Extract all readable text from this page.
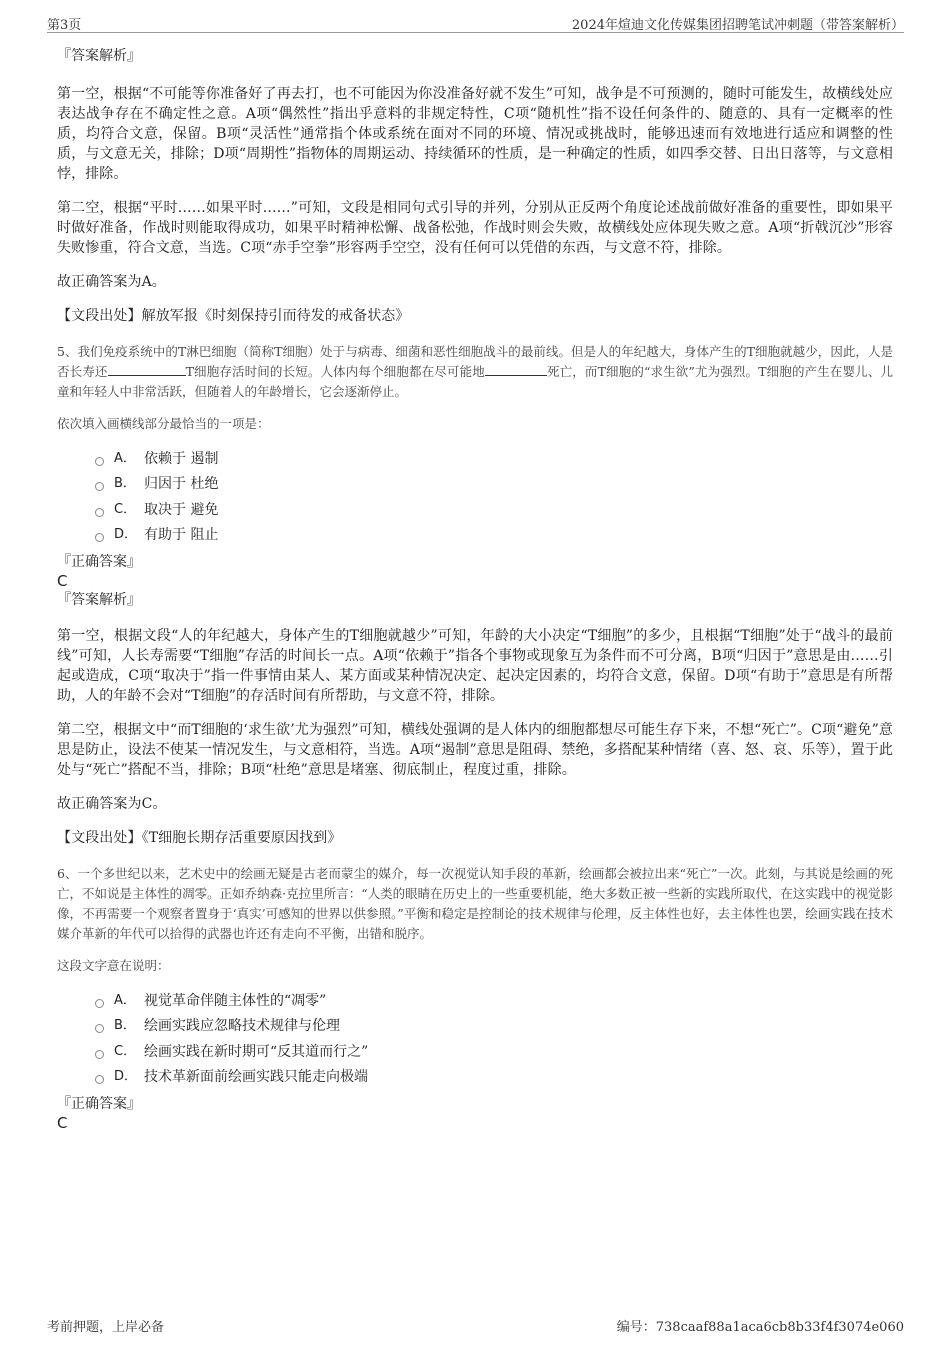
第3页	2024年煊迪文化传媒集团招聘笔试冲刺题（带答案解析）

『答案解析』

第一空，根据“不可能等你准备好了再去打，也不可能因为你没准备好就不发生”可知，战争是不可预测的，随时可能发生，故横线处应表达战争存在不确定性之意。A项“偶然性”指出乎意料的非规定特性，C项“随机性”指不设任何条件的、随意的、具有一定概率的性质，均符合文意，保留。B项“灵活性”通常指个体或系统在面对不同的环境、情况或挑战时，能够迅速而有效地进行适应和调整的性质，与文意无关，排除；D项“周期性”指物体的周期运动、持续循环的性质，是一种确定的性质，如四季交替、日出日落等，与文意相悖，排除。

第二空，根据“平时……如果平时……”可知，文段是相同句式引导的并列，分别从正反两个角度论述战前做好准备的重要性，即如果平时做好准备，作战时则能取得成功，如果平时精神松懈、战备松弛，作战时则会失败，故横线处应体现失败之意。A项“折戟沉沙”形容失败惨重，符合文意，当选。C项“赤手空拳”形容两手空空，没有任何可以凭借的东西，与文意不符，排除。

故正确答案为A。

【文段出处】解放军报《时刻保持引而待发的戒备状态》

5、我们免疫系统中的T淋巴细胞（简称T细胞）处于与病毒、细菌和恶性细胞战斗的最前线。但是人的年纪越大，身体产生的T细胞就越少，因此，人是否长寿还	T细胞存活时间的长短。人体内每个细胞都在尽可能地	死亡，而T细胞的“求生欲”尤为强烈。T细胞的产生在婴儿、儿童和年轻人中非常活跃，但随着人的年龄增长，它会逐渐停止。

依次填入画横线部分最恰当的一项是：

A． 依赖于 遏制
B． 归因于 杜绝
C． 取决于 避免
D． 有助于 阻止

『正确答案』

C

『答案解析』

第一空，根据文段“人的年纪越大，身体产生的T细胞就越少”可知，年龄的大小决定“T细胞”的多少，且根据“T细胞”处于“战斗的最前线”可知，人长寿需要“T细胞”存活的时间长一点。A项“依赖于”指各个事物或现象互为条件而不可分离，B项“归因于”意思是由……引起或造成，C项“取决于”指一件事情由某人、某方面或某种情况决定、起决定因素的，均符合文意，保留。D项“有助于”意思是有所帮助，人的年龄不会对“T细胞”的存活时间有所帮助，与文意不符，排除。

第二空，根据文中“而T细胞的‘求生欲’尤为强烈”可知，横线处强调的是人体内的细胞都想尽可能生存下来，不想“死亡”。C项“避免”意思是防止，设法不使某一情况发生，与文意相符，当选。A项“遏制”意思是阻碍、禁绝，多搭配某种情绪（喜、怒、哀、乐等），置于此处与“死亡”搭配不当，排除；B项“杜绝”意思是堵塞、彻底制止，程度过重，排除。

故正确答案为C。

【文段出处】《T细胞长期存活重要原因找到》

6、一个多世纪以来，艺术史中的绘画无疑是古老而蒙尘的媒介，每一次视觉认知手段的革新，绘画都会被拉出来“死亡”一次。此刻，与其说是绘画的死亡，不如说是主体性的凋零。正如乔纳森·克拉里所言：“人类的眼睛在历史上的一些重要机能，绝大多数正被一些新的实践所取代，在这实践中的视觉影像，不再需要一个观察者置身于‘真实’可感知的世界以供参照。”平衡和稳定是控制论的技术规律与伦理，反主体性也好，去主体性也罢，绘画实践在技术媒介革新的年代可以拾得的武器也许还有走向不平衡，出错和脱序。

这段文字意在说明：

A． 视觉革命伴随主体性的“凋零”
B． 绘画实践应忽略技术规律与伦理
C． 绘画实践在新时期可“反其道而行之”
D． 技术革新面前绘画实践只能走向极端

『正确答案』

C

考前押题，上岸必备	编号：738caaf88a1aca6cb8b33f4f3074e060
